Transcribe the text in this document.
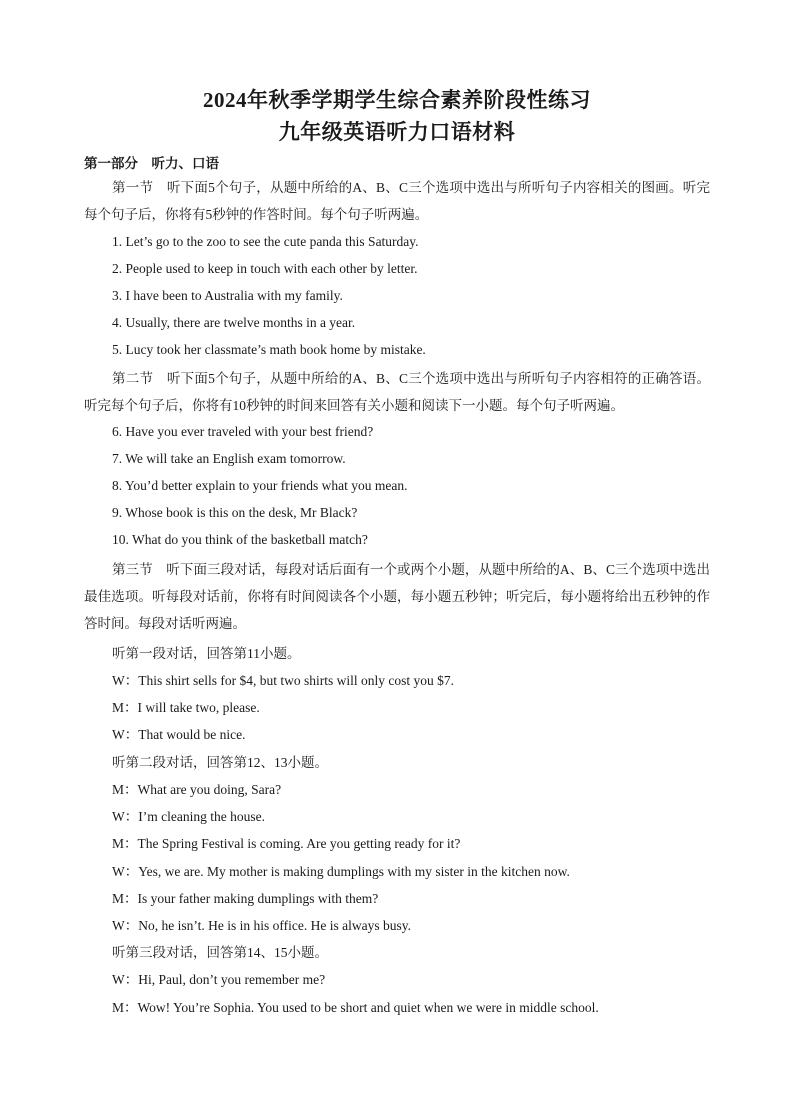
2024年秋季学期学生综合素养阶段性练习
九年级英语听力口语材料
第一部分　听力、口语

第一节　听下面5个句子，从题中所给的A、B、C三个选项中选出与所听句子内容相关的图画。听完每个句子后，你将有5秒钟的作答时间。每个句子听两遍。

1. Let’s go to the zoo to see the cute panda this Saturday.
2. People used to keep in touch with each other by letter.
3. I have been to Australia with my family.
4. Usually, there are twelve months in a year.
5. Lucy took her classmate’s math book home by mistake.

第二节　听下面5个句子，从题中所给的A、B、C三个选项中选出与所听句子内容相符的正确答语。听完每个句子后，你将有10秒钟的时间来回答有关小题和阅读下一小题。每个句子听两遍。

6. Have you ever traveled with your best friend?
7. We will take an English exam tomorrow.
8. You’d better explain to your friends what you mean.
9. Whose book is this on the desk, Mr Black?
10. What do you think of the basketball match?

第三节　听下面三段对话，每段对话后面有一个或两个小题，从题中所给的A、B、C三个选项中选出最佳选项。听每段对话前，你将有时间阅读各个小题，每小题五秒钟；听完后，每小题将给出五秒钟的作答时间。每段对话听两遍。

听第一段对话，回答第11小题。
W：This shirt sells for $4, but two shirts will only cost you $7.
M：I will take two, please.
W：That would be nice.
听第二段对话，回答第12、13小题。
M：What are you doing, Sara?
W：I’m cleaning the house.
M：The Spring Festival is coming. Are you getting ready for it?
W：Yes, we are. My mother is making dumplings with my sister in the kitchen now.
M：Is your father making dumplings with them?
W：No, he isn’t. He is in his office. He is always busy.
听第三段对话，回答第14、15小题。
W：Hi, Paul, don’t you remember me?
M：Wow! You’re Sophia. You used to be short and quiet when we were in middle school.
